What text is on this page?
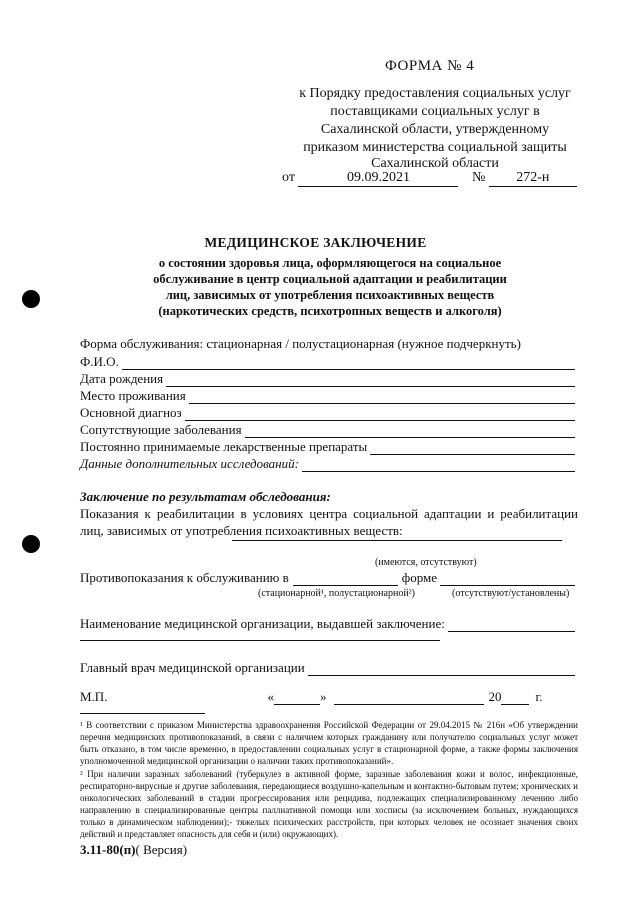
ФОРМА № 4
к Порядку предоставления социальных услуг
поставщиками социальных услуг в
Сахалинской области, утвержденному
приказом министерства социальной защиты
Сахалинской области
от	09.09.2021	№ 272-н
МЕДИЦИНСКОЕ ЗАКЛЮЧЕНИЕ
о состоянии здоровья лица, оформляющегося на социальное
обслуживание в центр социальной адаптации и реабилитации
лиц, зависимых от употребления психоактивных веществ
(наркотических средств, психотропных веществ и алкоголя)
Форма обслуживания: стационарная / полустационарная (нужное подчеркнуть)
Ф.И.О.
Дата рождения
Место проживания
Основной диагноз
Сопутствующие заболевания
Постоянно принимаемые лекарственные препараты
Данные дополнительных исследований:
Заключение по результатам обследования:
Показания к реабилитации в условиях центра социальной адаптации и реабилитации лиц, зависимых от употребления психоактивных веществ:
(имеются, отсутствуют)
Противопоказания к обслуживанию в	форме
(стационарной¹, полустационарной²)	(отсутствуют/установлены)
Наименование медицинской организации, выдавшей заключение:
Главный врач медицинской организации
М.П.	«	»	20	г.
¹ В соответствии с приказом Министерства здравоохранения Российской Федерации от 29.04.2015 № 216н «Об утверждении перечня медицинских противопоказаний, в связи с наличием которых гражданину или получателю социальных услуг может быть отказано, в том числе временно, в предоставлении социальных услуг в стационарной форме, а также формы заключения уполномоченной медицинской организации о наличии таких противопоказаний».
² При наличии заразных заболеваний (туберкулез в активной форме, заразные заболевания кожи и волос, инфекционные, респираторно-вирусные и другие заболевания, передающиеся воздушно-капельным и контактно-бытовым путем; хронических и онкологических заболеваний в стадии прогрессирования или рецидива, подлежащих специализированному лечению либо направлению в специализированные центры паллиативной помощи или хосписы (за исключением больных, нуждающихся только в динамическом наблюдении);- тяжелых психических расстройств, при которых человек не осознает значения своих действий и представляет опасность для себя и (или) окружающих).
3.11-80(п)( Версия)
